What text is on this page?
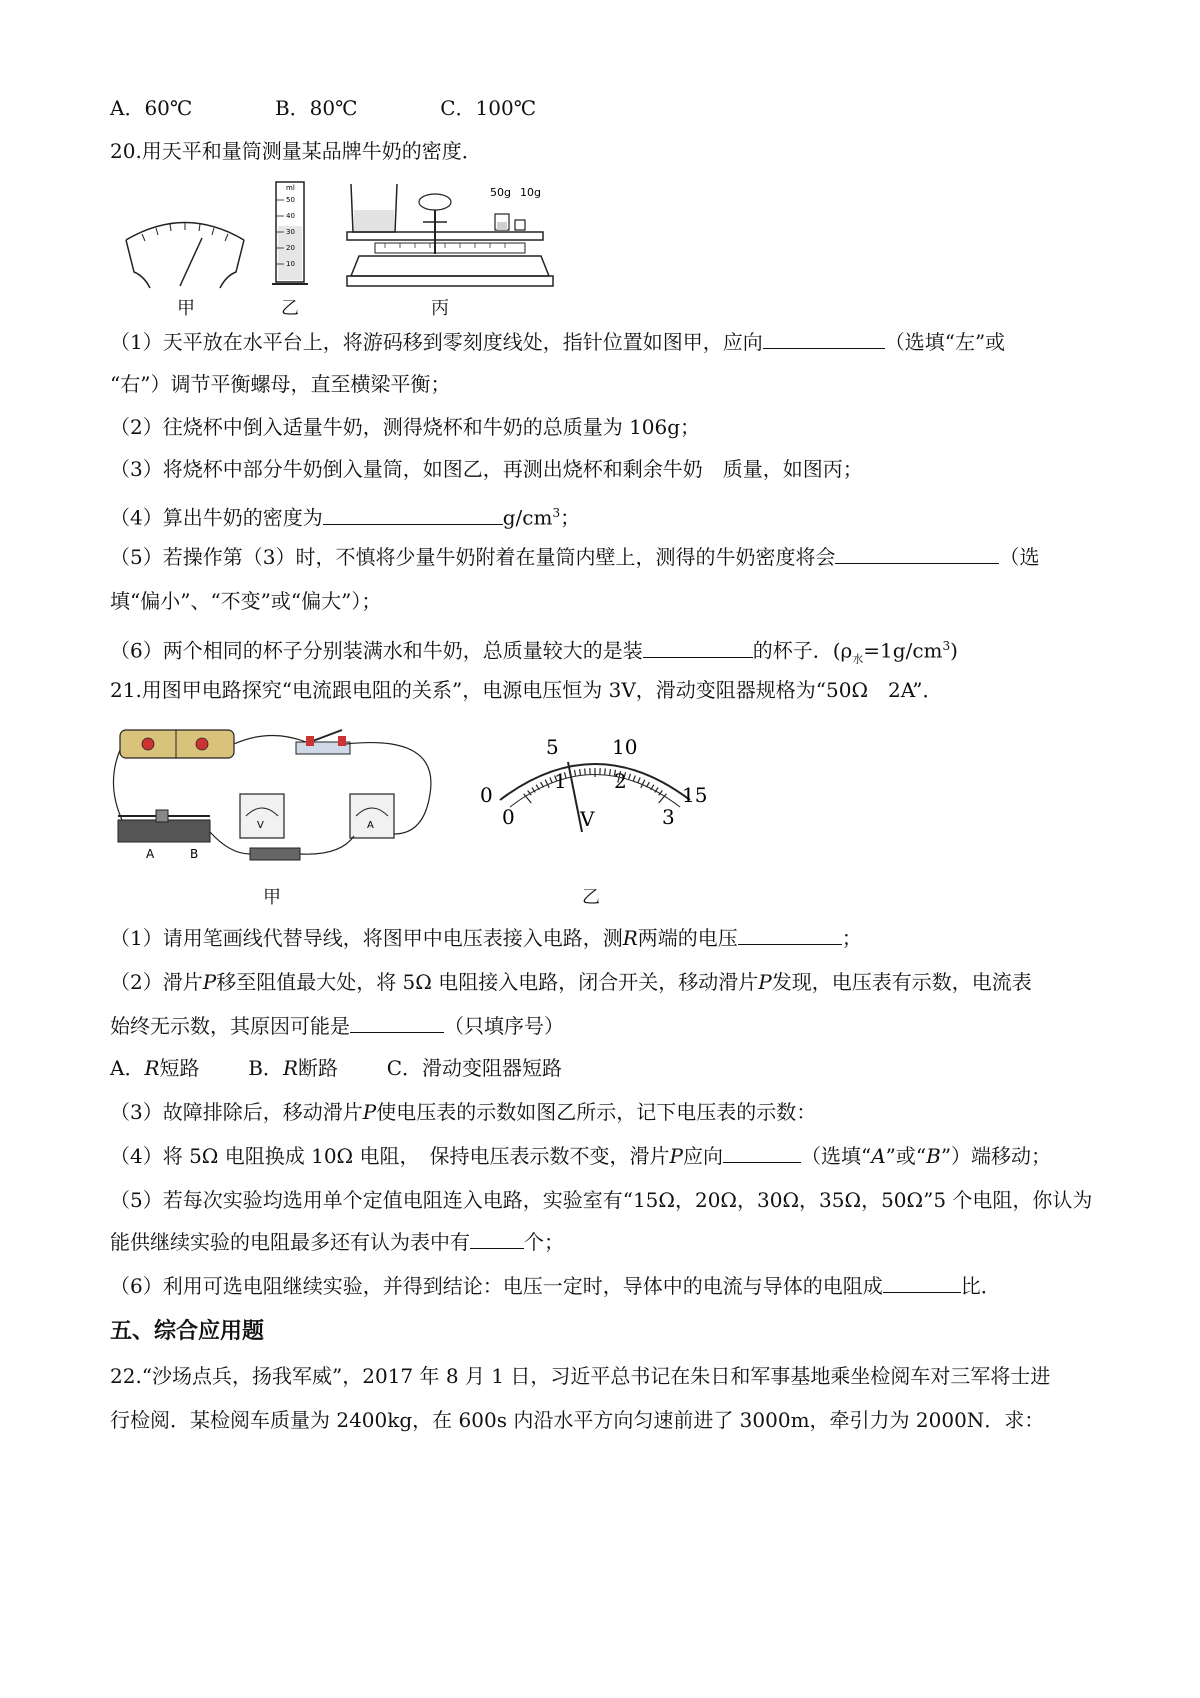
A．60℃	B．80℃	C．100℃
20.用天平和量筒测量某品牌牛奶的密度．
甲
ml
50
40
30
20
10
乙
50g 10g
丙
（1）天平放在水平台上，将游码移到零刻度线处，指针位置如图甲，应向	（选填“左”或
“右”）调节平衡螺母，直至横梁平衡；
（2）往烧杯中倒入适量牛奶，测得烧杯和牛奶的总质量为 106g；
（3）将烧杯中部分牛奶倒入量筒，如图乙，再测出烧杯和剩余牛奶　质量，如图丙；
（4）算出牛奶的密度为	$g/cm^3$；
（5）若操作第（3）时，不慎将少量牛奶附着在量筒内壁上，测得的牛奶密度将会	（选
填“偏小”、“不变”或“偏大”）；
（6）两个相同的杯子分别装满水和牛奶，总质量较大的是装	的杯子．$(\rho_水=1g/cm^3)$
21.用图甲电路探究“电流跟电阻的关系”，电源电压恒为 3V，滑动变阻器规格为“50Ω　2A”．
A	B
V	A
甲
0
5	10
15
0
1 2
3
V
乙
（1）请用笔画线代替导线，将图甲中电压表接入电路，测R两端的电压	；
（2）滑片P移至阻值最大处，将 5Ω 电阻接入电路，闭合开关，移动滑片P发现，电压表有示数，电流表
始终无示数，其原因可能是	（只填序号）
A．R短路 B．R断路 C．滑动变阻器短路
（3）故障排除后，移动滑片P使电压表的示数如图乙所示，记下电压表的示数：
（4）将 5Ω 电阻换成 10Ω 电阻，　保持电压表示数不变，滑片P应向	（选填“A”或“B”）端移动；
（5）若每次实验均选用单个定值电阻连入电路，实验室有“15Ω，20Ω，30Ω，35Ω，50Ω”5 个电阻，你认为
能供继续实验的电阻最多还有认为表中有	个；
（6）利用可选电阻继续实验，并得到结论：电压一定时，导体中的电流与导体的电阻成	比．
五、综合应用题
22.“沙场点兵，扬我军威”，2017 年 8 月 1 日，习近平总书记在朱日和军事基地乘坐检阅车对三军将士进
行检阅．某检阅车质量为 2400kg，在 600s 内沿水平方向匀速前进了 3000m，牵引力为 2000N．求：
